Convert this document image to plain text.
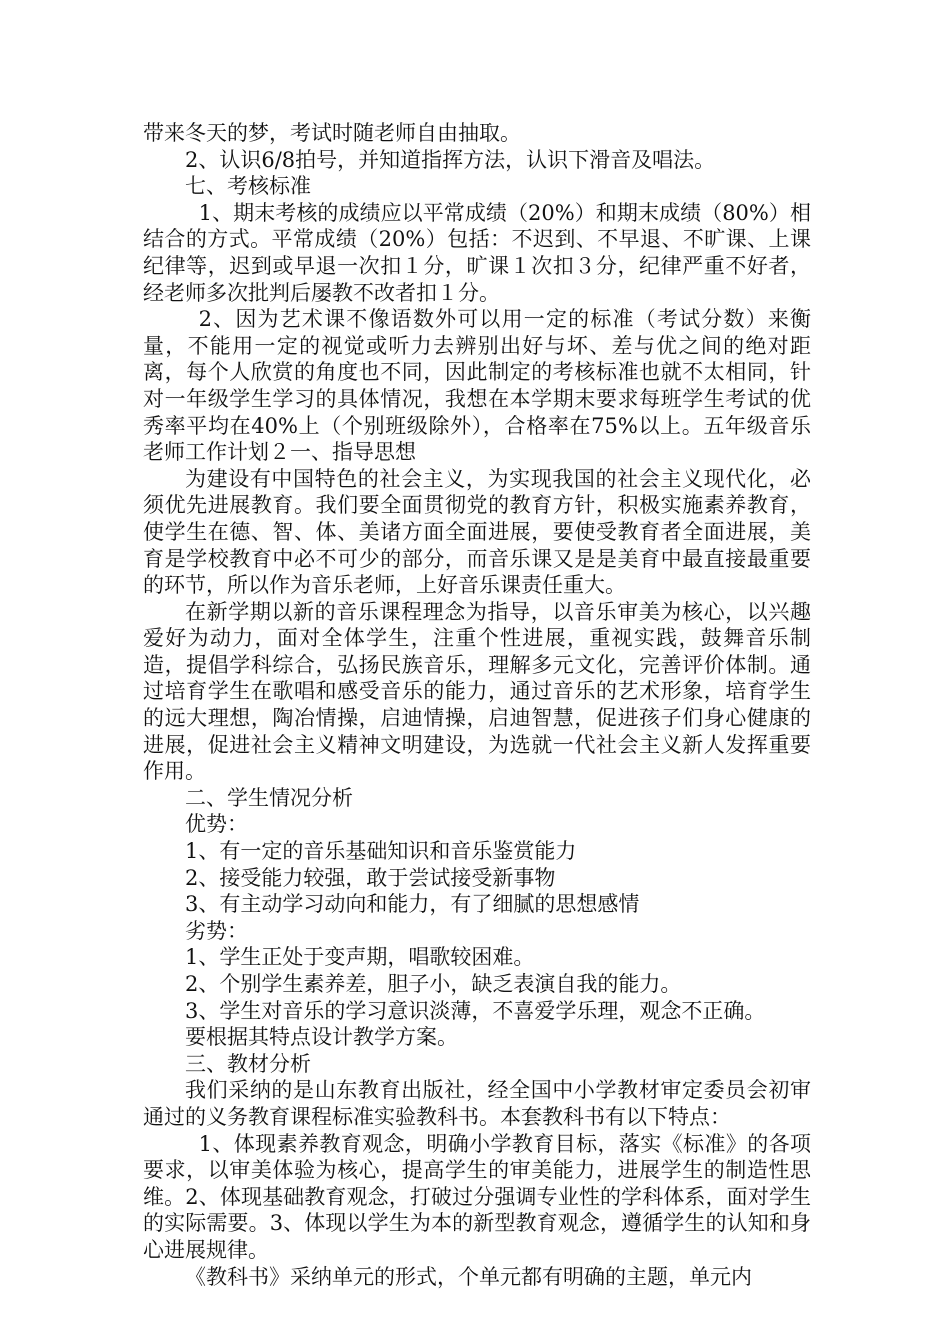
带来冬天的梦，考试时随老师自由抽取。

2、认识6/8拍号，并知道指挥方法，认识下滑音及唱法。

七、考核标准

1、期末考核的成绩应以平常成绩（20%）和期末成绩（80%）相结合的方式。平常成绩（20%）包括：不迟到、不早退、不旷课、上课纪律等，迟到或早退一次扣１分，旷课１次扣３分，纪律严重不好者，经老师多次批判后屡教不改者扣１分。

2、因为艺术课不像语数外可以用一定的标准（考试分数）来衡量，不能用一定的视觉或听力去辨别出好与坏、差与优之间的绝对距离，每个人欣赏的角度也不同，因此制定的考核标准也就不太相同，针对一年级学生学习的具体情况，我想在本学期末要求每班学生考试的优秀率平均在40%上（个别班级除外），合格率在75%以上。五年级音乐老师工作计划２一、指导思想

为建设有中国特色的社会主义，为实现我国的社会主义现代化，必须优先进展教育。我们要全面贯彻党的教育方针，积极实施素养教育，使学生在德、智、体、美诸方面全面进展，要使受教育者全面进展，美育是学校教育中必不可少的部分，而音乐课又是是美育中最直接最重要的环节，所以作为音乐老师，上好音乐课责任重大。

在新学期以新的音乐课程理念为指导，以音乐审美为核心，以兴趣爱好为动力，面对全体学生，注重个性进展，重视实践，鼓舞音乐制造，提倡学科综合，弘扬民族音乐，理解多元文化，完善评价体制。通过培育学生在歌唱和感受音乐的能力，通过音乐的艺术形象，培育学生的远大理想，陶冶情操，启迪情操，启迪智慧，促进孩子们身心健康的进展，促进社会主义精神文明建设，为选就一代社会主义新人发挥重要作用。

二、学生情况分析

优势：

1、有一定的音乐基础知识和音乐鉴赏能力

2、接受能力较强，敢于尝试接受新事物

3、有主动学习动向和能力，有了细腻的思想感情

劣势：

1、学生正处于变声期，唱歌较困难。

2、个别学生素养差，胆子小，缺乏表演自我的能力。

3、学生对音乐的学习意识淡薄，不喜爱学乐理，观念不正确。

要根据其特点设计教学方案。

三、教材分析

我们采纳的是山东教育出版社，经全国中小学教材审定委员会初审通过的义务教育课程标准实验教科书。本套教科书有以下特点：

1、体现素养教育观念，明确小学教育目标，落实《标准》的各项要求，以审美体验为核心，提高学生的审美能力，进展学生的制造性思维。2、体现基础教育观念，打破过分强调专业性的学科体系，面对学生的实际需要。3、体现以学生为本的新型教育观念，遵循学生的认知和身心进展规律。

《教科书》采纳单元的形式，个单元都有明确的主题，单元内
